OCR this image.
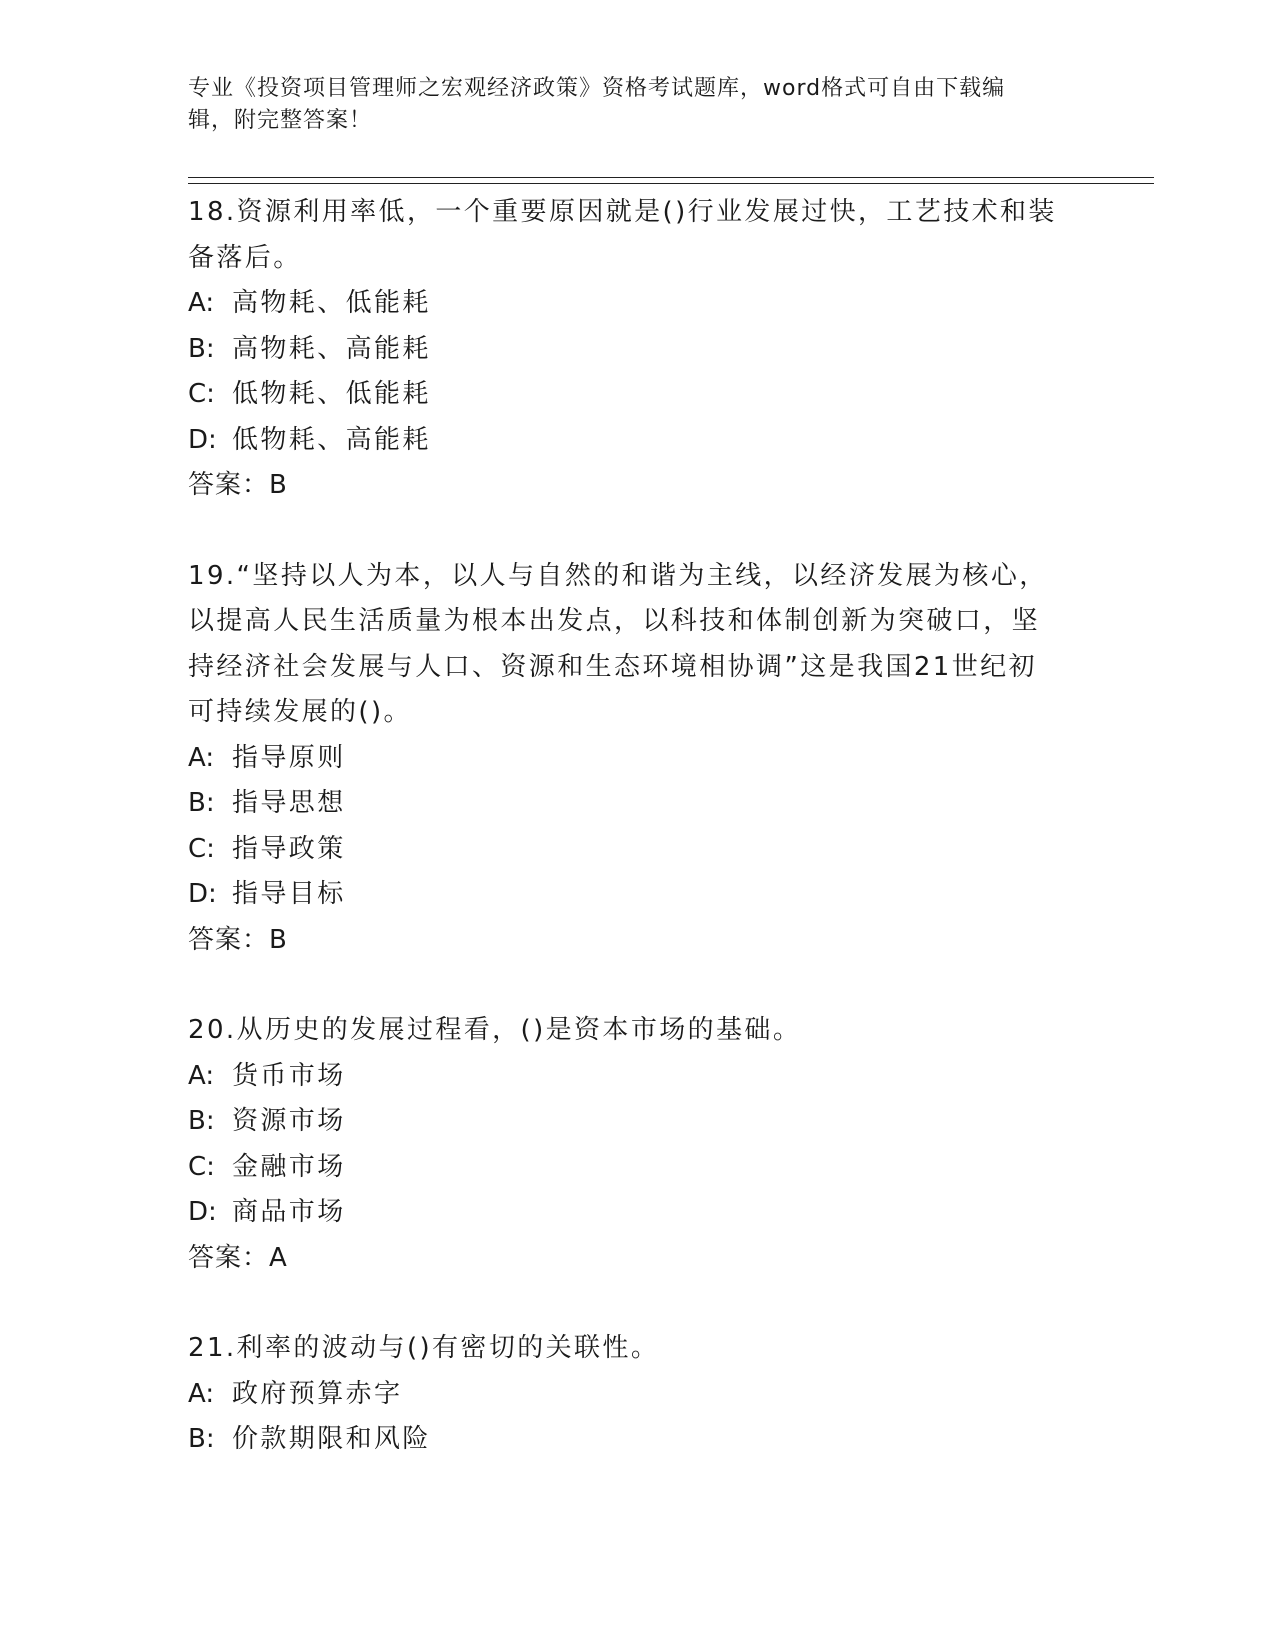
专业《投资项目管理师之宏观经济政策》资格考试题库，word格式可自由下载编
辑，附完整答案！
18.资源利用率低，一个重要原因就是()行业发展过快，工艺技术和装
备落后。
A: 高物耗、低能耗
B: 高物耗、高能耗
C: 低物耗、低能耗
D: 低物耗、高能耗
答案：B
19.“坚持以人为本，以人与自然的和谐为主线，以经济发展为核心，
以提高人民生活质量为根本出发点，以科技和体制创新为突破口，坚
持经济社会发展与人口、资源和生态环境相协调”这是我国21世纪初
可持续发展的()。
A: 指导原则
B: 指导思想
C: 指导政策
D: 指导目标
答案：B
20.从历史的发展过程看，()是资本市场的基础。
A: 货币市场
B: 资源市场
C: 金融市场
D: 商品市场
答案：A
21.利率的波动与()有密切的关联性。
A: 政府预算赤字
B: 价款期限和风险
